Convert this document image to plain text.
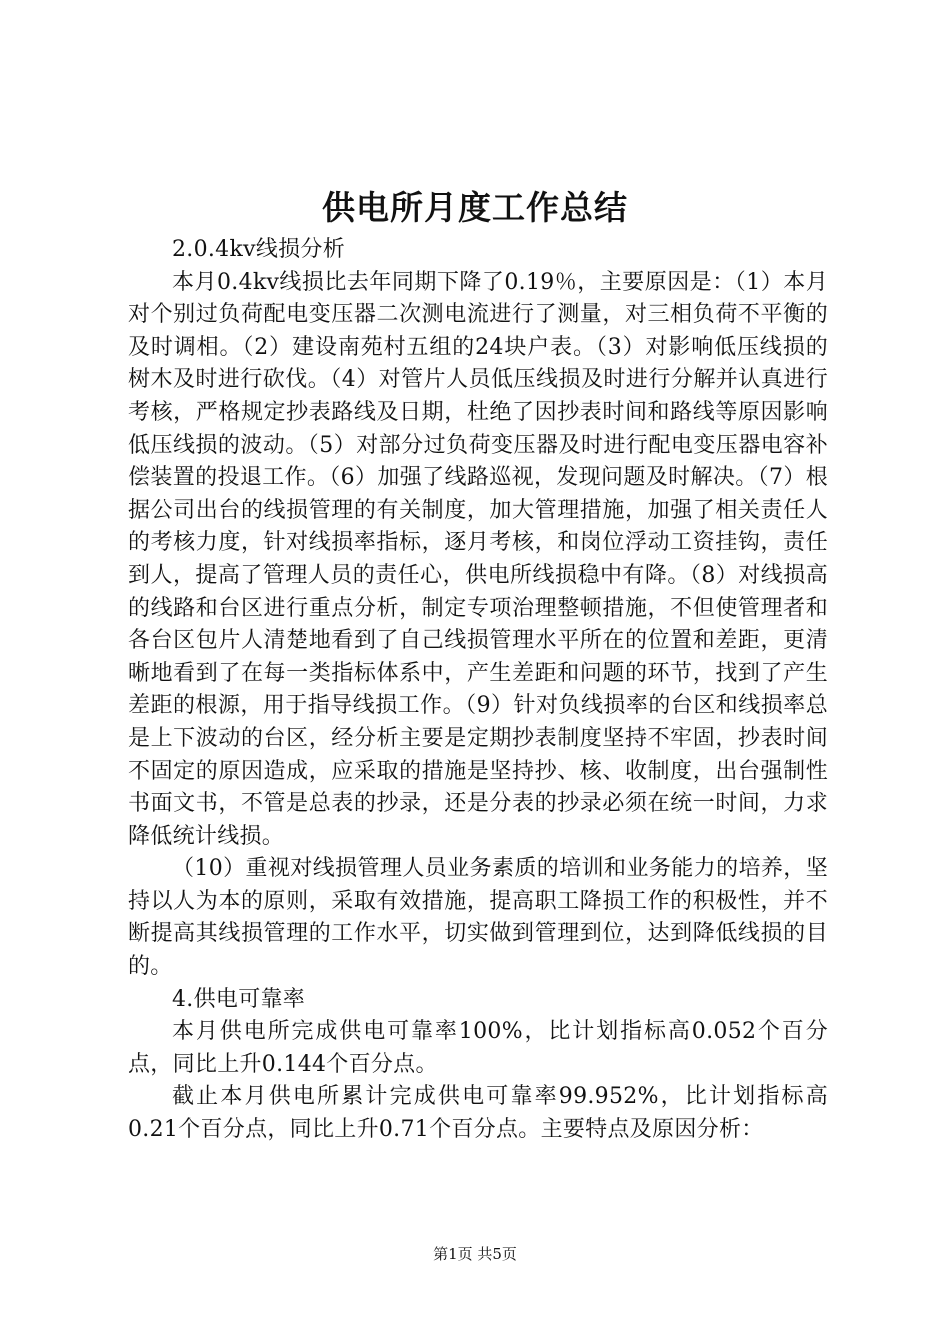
供电所月度工作总结

2.0.4kv线损分析

本月0.4kv线损比去年同期下降了0.19％，主要原因是：（1）本月对个别过负荷配电变压器二次测电流进行了测量，对三相负荷不平衡的及时调相。（2）建设南苑村五组的24块户表。（3）对影响低压线损的树木及时进行砍伐。（4）对管片人员低压线损及时进行分解并认真进行考核，严格规定抄表路线及日期，杜绝了因抄表时间和路线等原因影响低压线损的波动。（5）对部分过负荷变压器及时进行配电变压器电容补偿装置的投退工作。（6）加强了线路巡视，发现问题及时解决。（7）根据公司出台的线损管理的有关制度，加大管理措施，加强了相关责任人的考核力度，针对线损率指标，逐月考核，和岗位浮动工资挂钩，责任到人，提高了管理人员的责任心，供电所线损稳中有降。（8）对线损高的线路和台区进行重点分析，制定专项治理整顿措施，不但使管理者和各台区包片人清楚地看到了自己线损管理水平所在的位置和差距，更清晰地看到了在每一类指标体系中，产生差距和问题的环节，找到了产生差距的根源，用于指导线损工作。（9）针对负线损率的台区和线损率总是上下波动的台区，经分析主要是定期抄表制度坚持不牢固，抄表时间不固定的原因造成，应采取的措施是坚持抄、核、收制度，出台强制性书面文书，不管是总表的抄录，还是分表的抄录必须在统一时间，力求降低统计线损。

（10）重视对线损管理人员业务素质的培训和业务能力的培养，坚持以人为本的原则，采取有效措施，提高职工降损工作的积极性，并不断提高其线损管理的工作水平，切实做到管理到位，达到降低线损的目的。

4.供电可靠率

本月供电所完成供电可靠率100%，比计划指标高0.052个百分点，同比上升0.144个百分点。

截止本月供电所累计完成供电可靠率99.952%，比计划指标高0.21个百分点，同比上升0.71个百分点。主要特点及原因分析：

第1页 共5页
